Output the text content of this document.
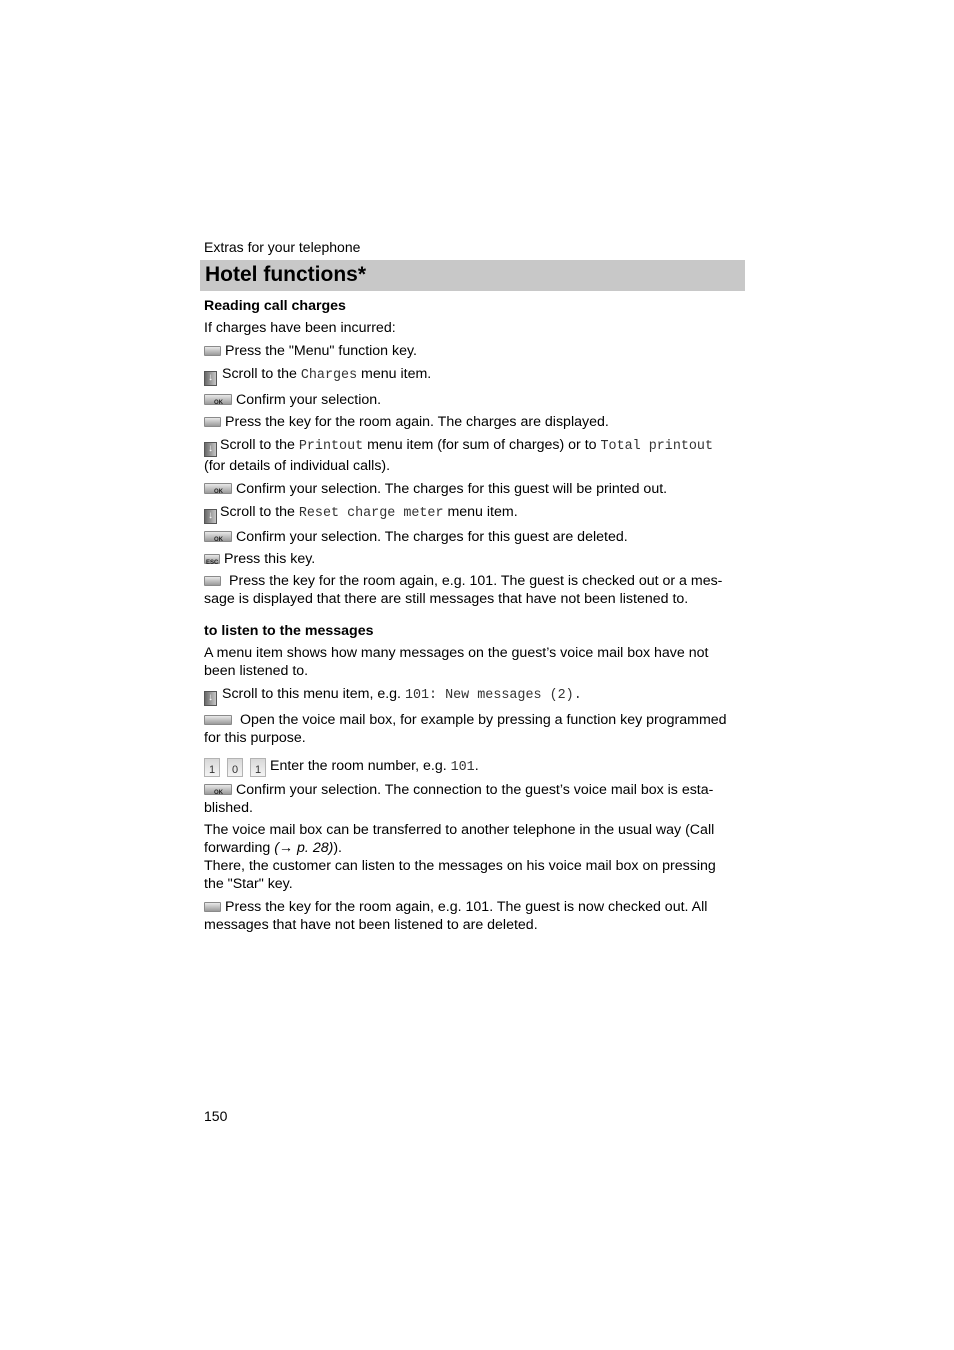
Extras for your telephone
Hotel functions*

Reading call charges

If charges have been incurred:

Press the "Menu" function key.

↓ Scroll to the Charges menu item.

OKConfirm your selection.

Press the key for the room again. The charges are displayed.

↓ Scroll to the Printout menu item (for sum of charges) or to Total printout
(for details of individual calls).

OKConfirm your selection. The charges for this guest will be printed out.

↓ Scroll to the Reset charge meter menu item.

OKConfirm your selection. The charges for this guest are deleted.

ESCPress this key.

Press the key for the room again, e.g. 101. The guest is checked out or a mes-sage is displayed that there are still messages that have not been listened to.

to listen to the messages

A menu item shows how many messages on the guest’s voice mail box have not been listened to.

↓ Scroll to this menu item, e.g. 101: New messages (2).

Open the voice mail box, for example by pressing a function key programmed for this purpose.

1 0 1 Enter the room number, e.g. 101.

OKConfirm your selection. The connection to the guest’s voice mail box is esta-blished.

The voice mail box can be transferred to another telephone in the usual way (Call forwarding (→ p. 28)).

There, the customer can listen to the messages on his voice mail box on pressing the "Star" key.

Press the key for the room again, e.g. 101. The guest is now checked out. All messages that have not been listened to are deleted.

150
